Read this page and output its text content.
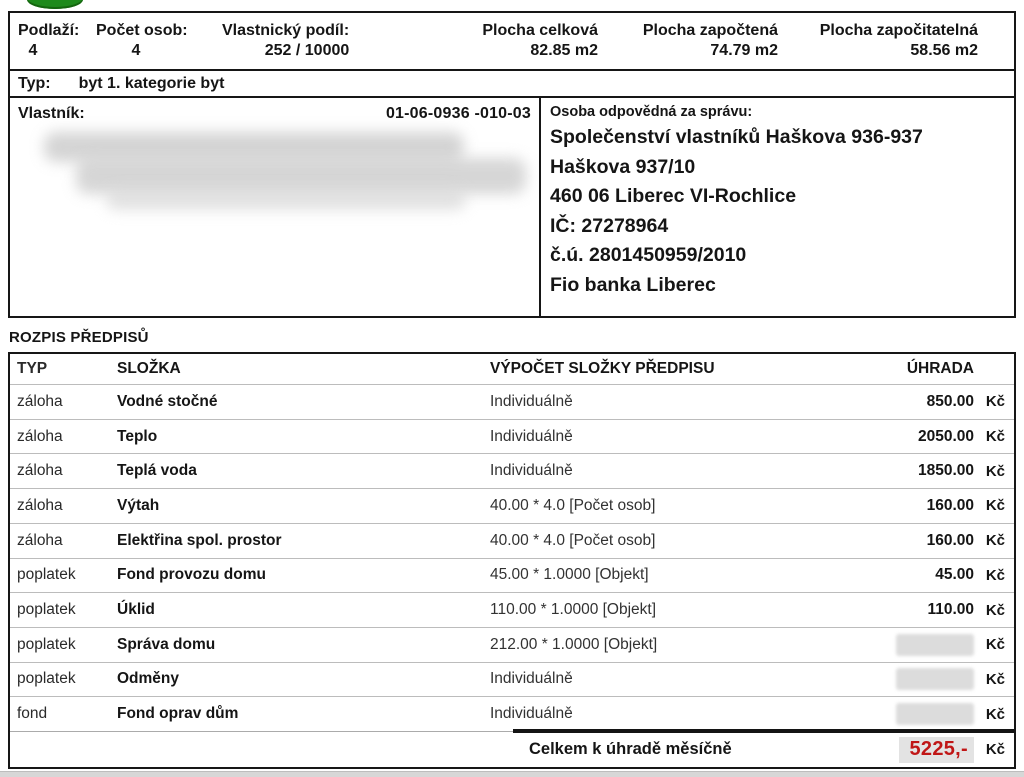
Podlaží:
4
Počet osob:
4
Vlastnický podíl:
252 / 10000
Plocha celková
82.85 m2
Plocha započtená
74.79 m2
Plocha započitatelná
58.56 m2
Typ: byt 1. kategorie byt
Vlastník:	01-06-0936 -010-03 Osoba odpovědná za správu:
Společenství vlastníků Haškova 936-937
Haškova 937/10
460 06 Liberec VI-Rochlice
IČ: 27278964
č.ú. 2801450959/2010
Fio banka Liberec
ROZPIS PŘEDPISŮ
TYP	SLOŽKA	VÝPOČET SLOŽKY PŘEDPISU	ÚHRADA
záloha	Vodné stočné	Individuálně	850.00 Kč
záloha	Teplo	Individuálně	2050.00 Kč
záloha	Teplá voda	Individuálně	1850.00 Kč
záloha	Výtah	40.00 * 4.0 [Počet osob]	160.00 Kč
záloha	Elektřina spol. prostor	40.00 * 4.0 [Počet osob]	160.00 Kč
poplatek	Fond provozu domu	45.00 * 1.0000 [Objekt]	45.00 Kč
poplatek	Úklid	110.00 * 1.0000 [Objekt]	110.00 Kč
poplatek	Správa domu	212.00 * 1.0000 [Objekt]	Kč
poplatek	Odměny	Individuálně	Kč
fond	Fond oprav dům	Individuálně	Kč
Celkem k úhradě měsíčně	5225,-	Kč
